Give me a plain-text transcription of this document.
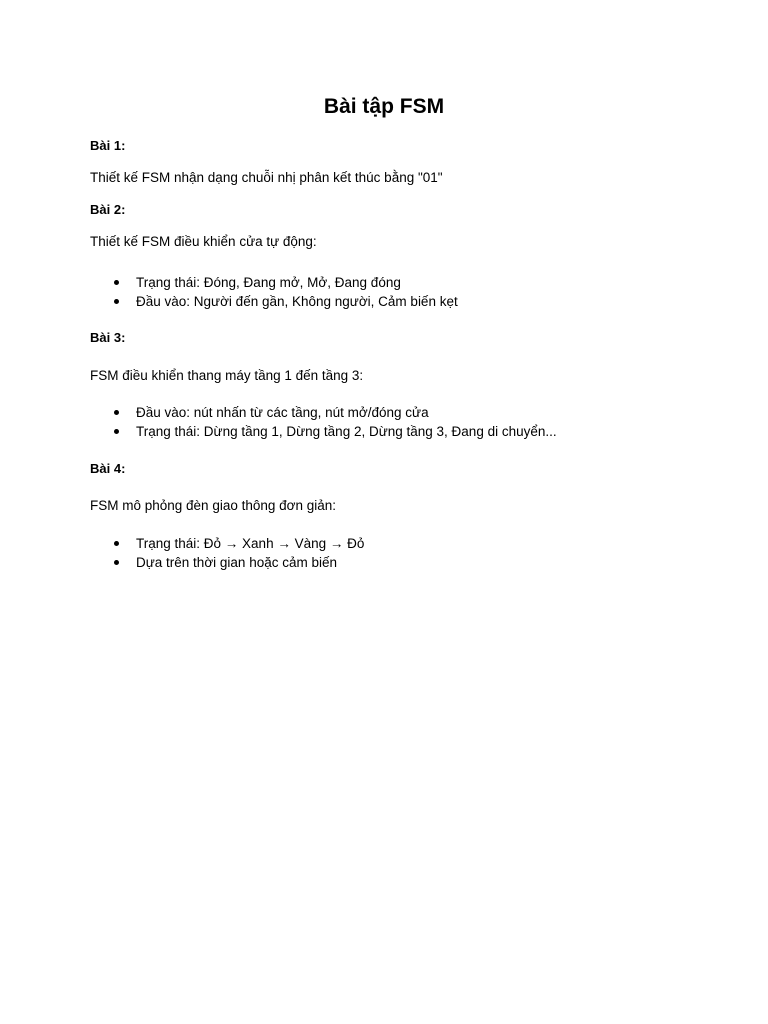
Bài tập FSM
Bài 1:
Thiết kế FSM nhận dạng chuỗi nhị phân kết thúc bằng "01"
Bài 2:
Thiết kế FSM điều khiển cửa tự động:
Trạng thái: Đóng, Đang mở, Mở, Đang đóng
Đầu vào: Người đến gần, Không người, Cảm biến kẹt
Bài 3:
FSM điều khiển thang máy tầng 1 đến tầng 3:
Đầu vào: nút nhấn từ các tầng, nút mở/đóng cửa
Trạng thái: Dừng tầng 1, Dừng tầng 2, Dừng tầng 3, Đang di chuyển...
Bài 4:
FSM mô phỏng đèn giao thông đơn giản:
Trạng thái: Đỏ → Xanh → Vàng → Đỏ
Dựa trên thời gian hoặc cảm biến
